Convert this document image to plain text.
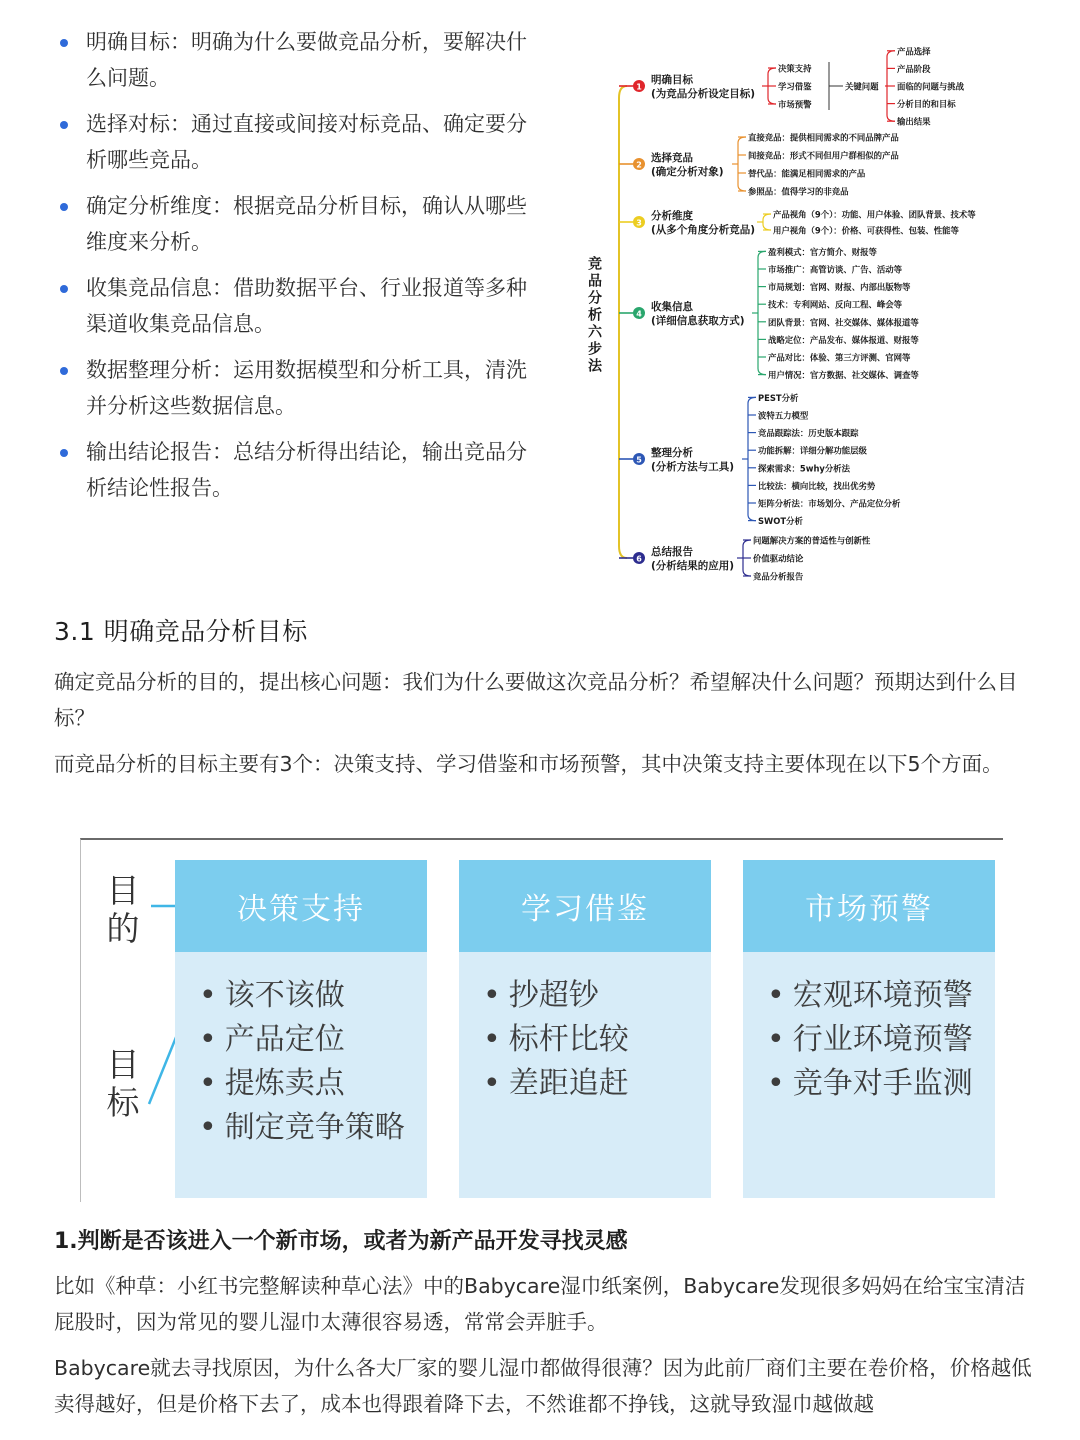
明确目标：明确为什么要做竞品分析，要解决什么问题。
选择对标：通过直接或间接对标竞品、确定要分析哪些竞品。
确定分析维度：根据竞品分析目标，确认从哪些维度来分析。
收集竞品信息：借助数据平台、行业报道等多种渠道收集竞品信息。
数据整理分析：运用数据模型和分析工具，清洗并分析这些数据信息。
输出结论报告：总结分析得出结论，输出竞品分析结论性报告。
竞品分析六步法
1
明确目标
(为竞品分析设定目标)
决策支持
学习借鉴
市场预警
关键问题
产品选择
产品阶段
面临的问题与挑战
分析目的和目标
输出结果
2
选择竞品
(确定分析对象)
直接竞品：提供相同需求的不同品牌产品
间接竞品：形式不同但用户群相似的产品
替代品：能满足相同需求的产品
参照品：值得学习的非竞品
3
分析维度
(从多个角度分析竞品)
产品视角（9个）：功能、用户体验、团队背景、技术等
用户视角（9个）：价格、可获得性、包装、性能等
4
收集信息
(详细信息获取方式)
盈利模式：官方简介、财报等
市场推广：高管访谈、广告、活动等
市局规划：官网、财报、内部出版物等
技术：专利网站、反向工程、峰会等
团队背景：官网、社交媒体、媒体报道等
战略定位：产品发布、媒体报道、财报等
产品对比：体验、第三方评测、官网等
用户情况：官方数据、社交媒体、调查等
5
整理分析
(分析方法与工具)
PEST分析
波特五力模型
竞品跟踪法：历史版本跟踪
功能拆解：详细分解功能层级
探索需求：5why分析法
比较法：横向比较，找出优劣势
矩阵分析法：市场划分、产品定位分析
SWOT分析
6
总结报告
(分析结果的应用)
问题解决方案的普适性与创新性
价值驱动结论
竞品分析报告
3.1 明确竞品分析目标

确定竞品分析的目的，提出核心问题：我们为什么要做这次竞品分析？希望解决什么问题？预期达到什么目标？

而竞品分析的目标主要有3个：决策支持、学习借鉴和市场预警，其中决策支持主要体现在以下5个方面。

目的
目标
决策支持
• 该不该做
• 产品定位
• 提炼卖点
• 制定竞争策略
学习借鉴
• 抄超钞
• 标杆比较
• 差距追赶
市场预警
• 宏观环境预警
• 行业环境预警
• 竞争对手监测
1.判断是否该进入一个新市场，或者为新产品开发寻找灵感

比如《种草：小红书完整解读种草心法》中的Babycare湿巾纸案例，Babycare发现很多妈妈在给宝宝清洁屁股时，因为常见的婴儿湿巾太薄很容易透，常常会弄脏手。

Babycare就去寻找原因，为什么各大厂家的婴儿湿巾都做得很薄？因为此前厂商们主要在卷价格，价格越低卖得越好，但是价格下去了，成本也得跟着降下去，不然谁都不挣钱，这就导致湿巾越做越
